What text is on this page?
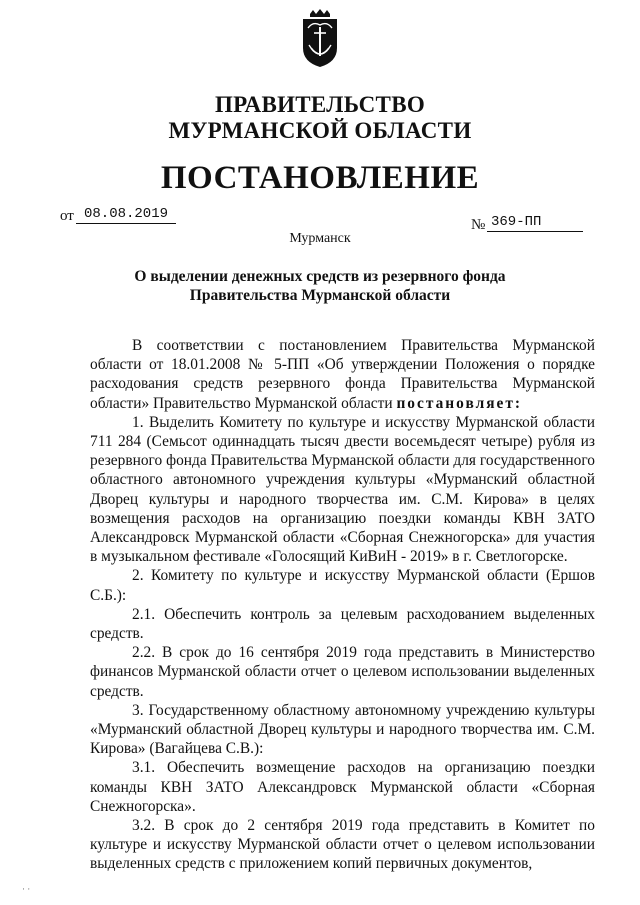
ПРАВИТЕЛЬСТВО
МУРМАНСКОЙ ОБЛАСТИ
ПОСТАНОВЛЕНИЕ
от 08.08.2019
№ 369-ПП
Мурманск
О выделении денежных средств из резервного фонда
Правительства Мурманской области

В соответствии с постановлением Правительства Мурманской области от 18.01.2008 № 5-ПП «Об утверждении Положения о порядке расходования средств резервного фонда Правительства Мурманской области» Правительство Мурманской области постановляет:

1. Выделить Комитету по культуре и искусству Мурманской области 711 284 (Семьсот одиннадцать тысяч двести восемьдесят четыре) рубля из резервного фонда Правительства Мурманской области для государственного областного автономного учреждения культуры «Мурманский областной Дворец культуры и народного творчества им. С.М. Кирова» в целях возмещения расходов на организацию поездки команды КВН ЗАТО Александровск Мурманской области «Сборная Снежногорска» для участия в музыкальном фестивале «Голосящий КиВиН - 2019» в г. Светлогорске.

2. Комитету по культуре и искусству Мурманской области (Ершов С.Б.):

2.1. Обеспечить контроль за целевым расходованием выделенных средств.

2.2. В срок до 16 сентября 2019 года представить в Министерство финансов Мурманской области отчет о целевом использовании выделенных средств.

3. Государственному областному автономному учреждению культуры «Мурманский областной Дворец культуры и народного творчества им. С.М. Кирова» (Вагайцева С.В.):

3.1. Обеспечить возмещение расходов на организацию поездки команды КВН ЗАТО Александровск Мурманской области «Сборная Снежногорска».

3.2. В срок до 2 сентября 2019 года представить в Комитет по культуре и искусству Мурманской области отчет о целевом использовании выделенных средств с приложением копий первичных документов,

· ·
